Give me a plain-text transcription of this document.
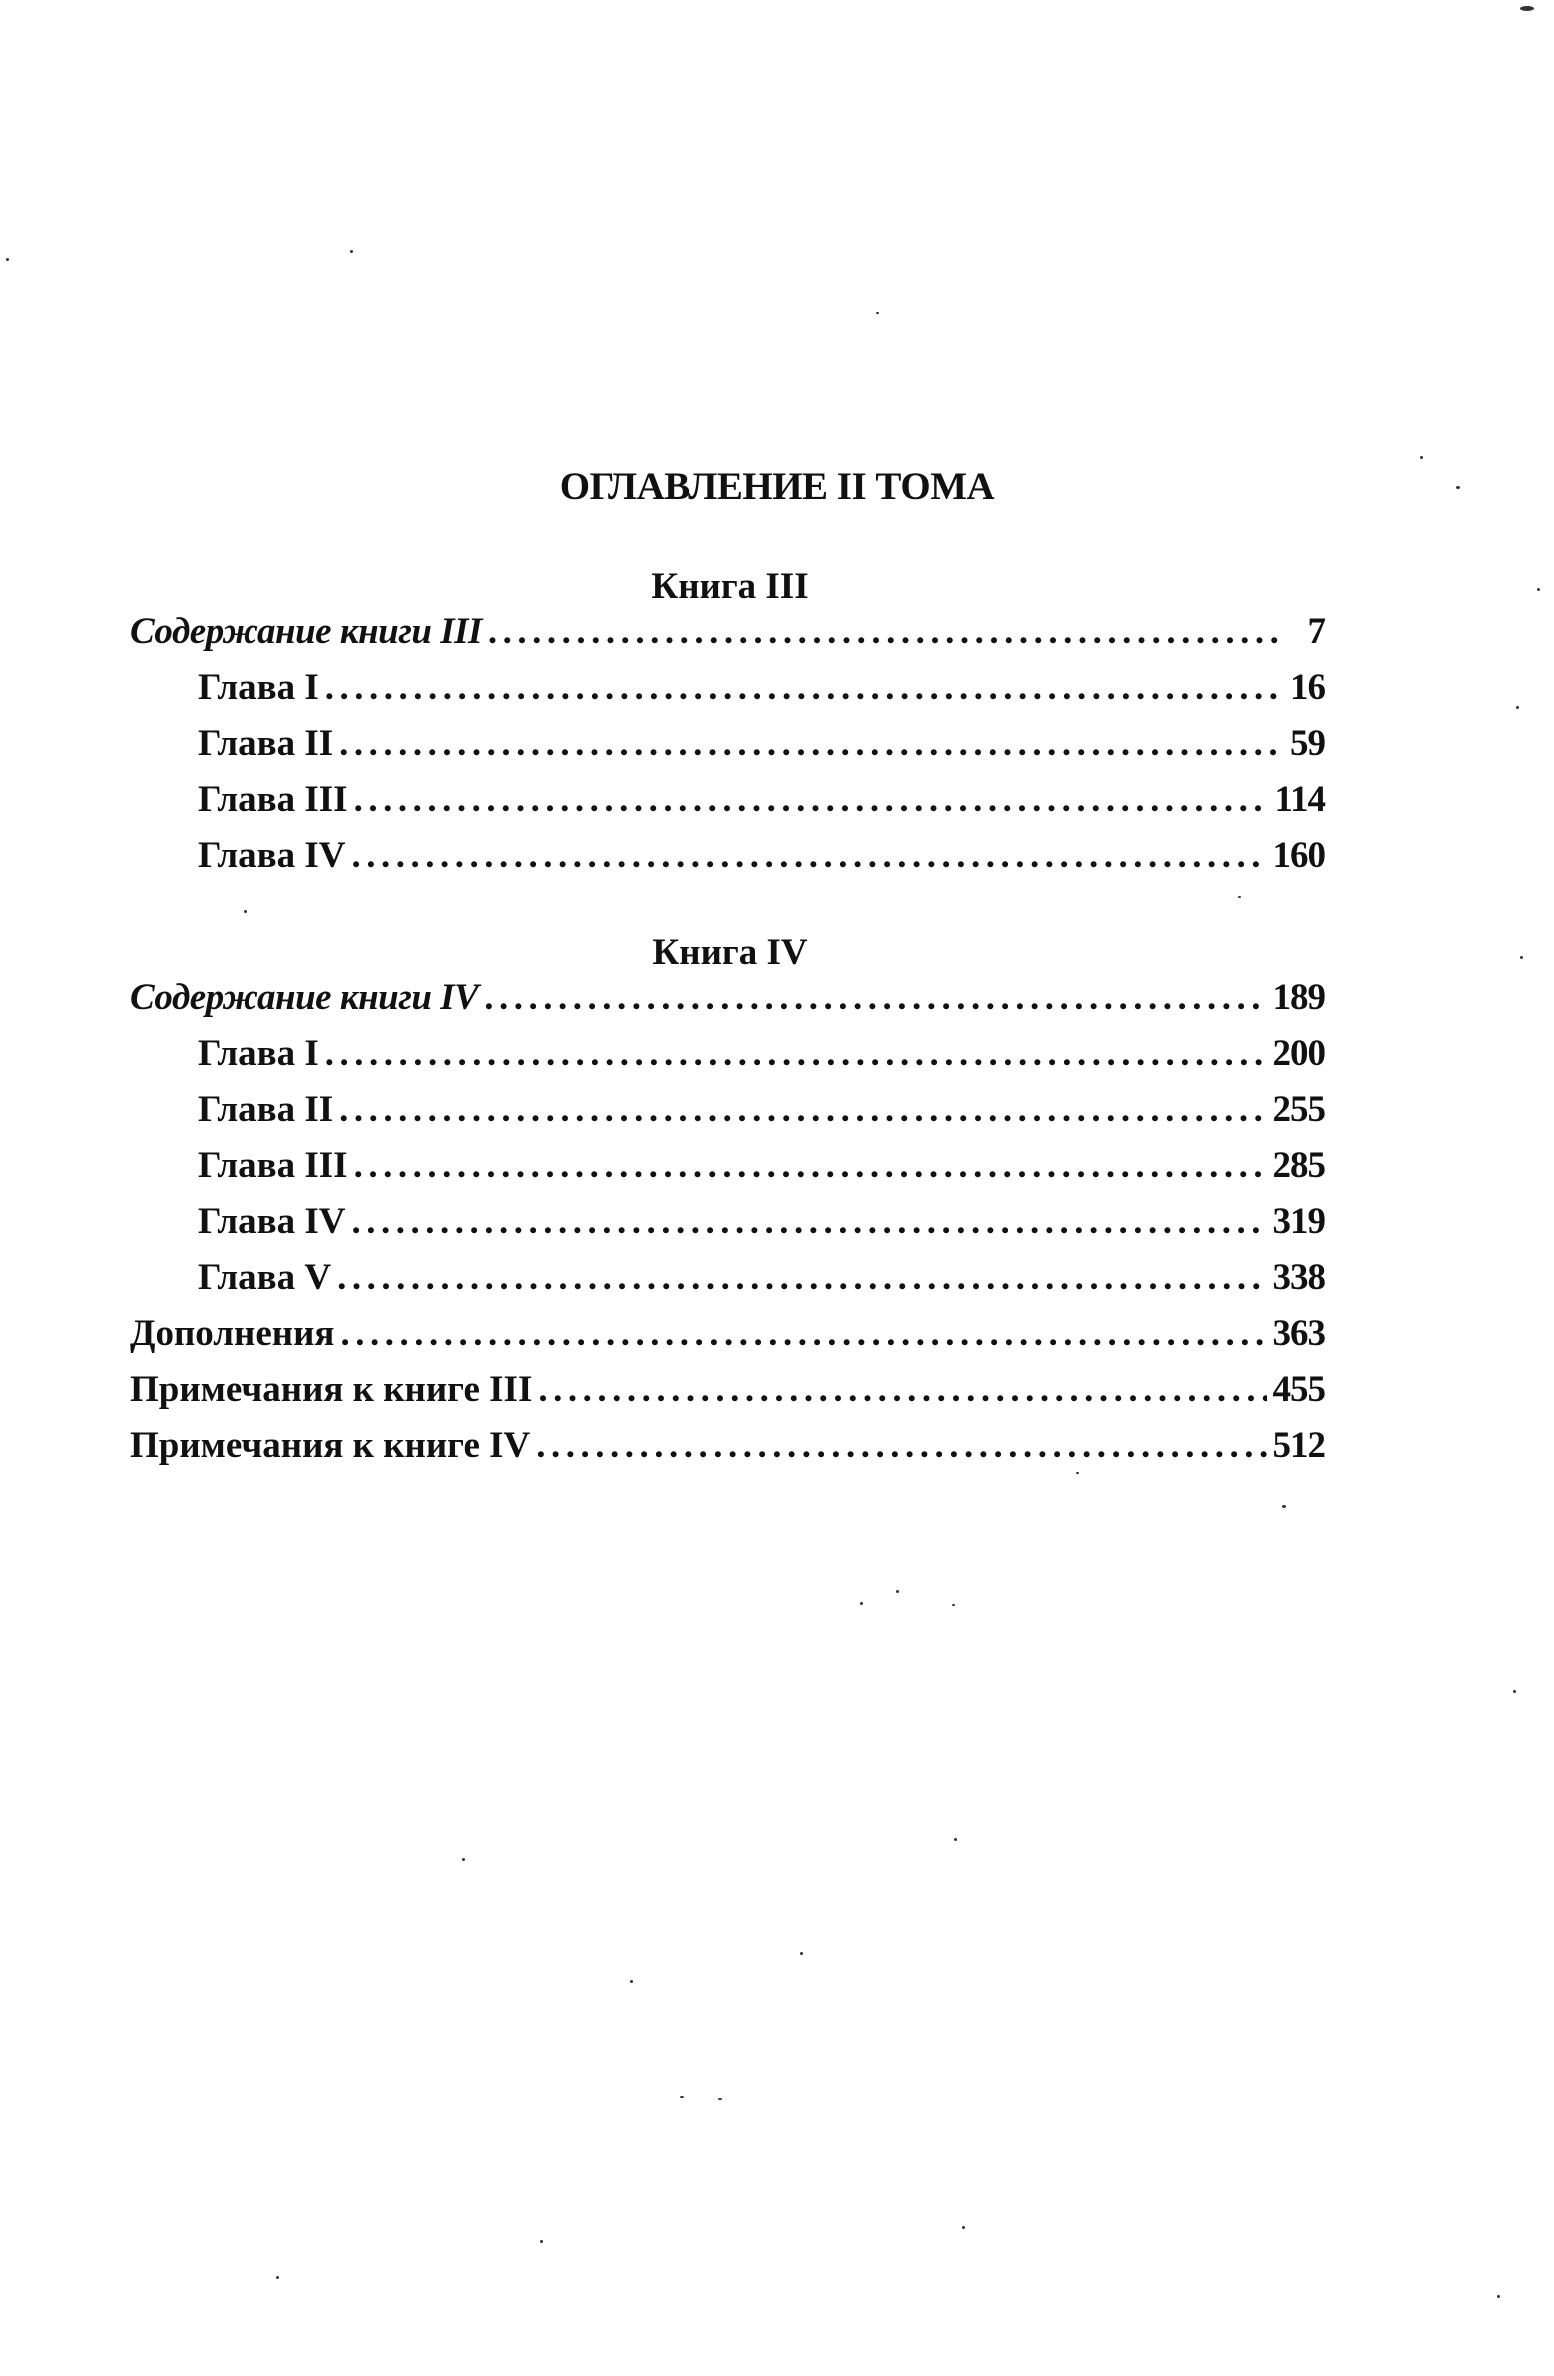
ОГЛАВЛЕНИЕ II ТОМА
Книга III
Содержание книги III .....	7
Глава I .....	16
Глава II .....	59
Глава III .....	114
Глава IV .....	160
Книга IV
Содержание книги IV .....	189
Глава I .....	200
Глава II .....	255
Глава III .....	285
Глава IV .....	319
Глава V .....	338
Дополнения .....	363
Примечания к книге III .....	455
Примечания к книге IV .....	512
